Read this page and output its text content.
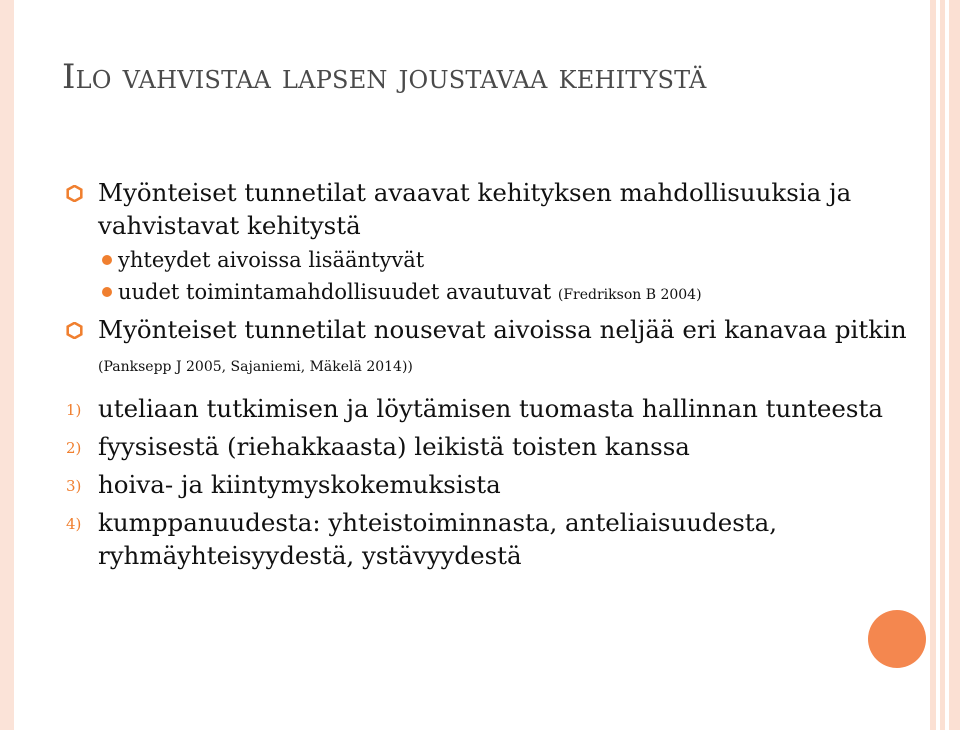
Ilo vahvistaa lapsen joustavaa kehitystä
Myönteiset tunnetilat avaavat kehityksen mahdollisuuksia ja vahvistavat kehitystä
yhteydet aivoissa lisääntyvät
uudet toimintamahdollisuudet avautuvat (Fredrikson B 2004)
Myönteiset tunnetilat nousevat aivoissa neljää eri kanavaa pitkin (Panksepp J 2005, Sajaniemi, Mäkelä 2014))
1) uteliaan tutkimisen ja löytämisen tuomasta hallinnan tunteesta
2) fyysisestä (riehakkaasta) leikistä toisten kanssa
3) hoiva- ja kiintymyskokemuksista
4) kumppanuudesta: yhteistoiminnasta, anteliaisuudesta, ryhmäyhteisyydestä, ystävyydestä
